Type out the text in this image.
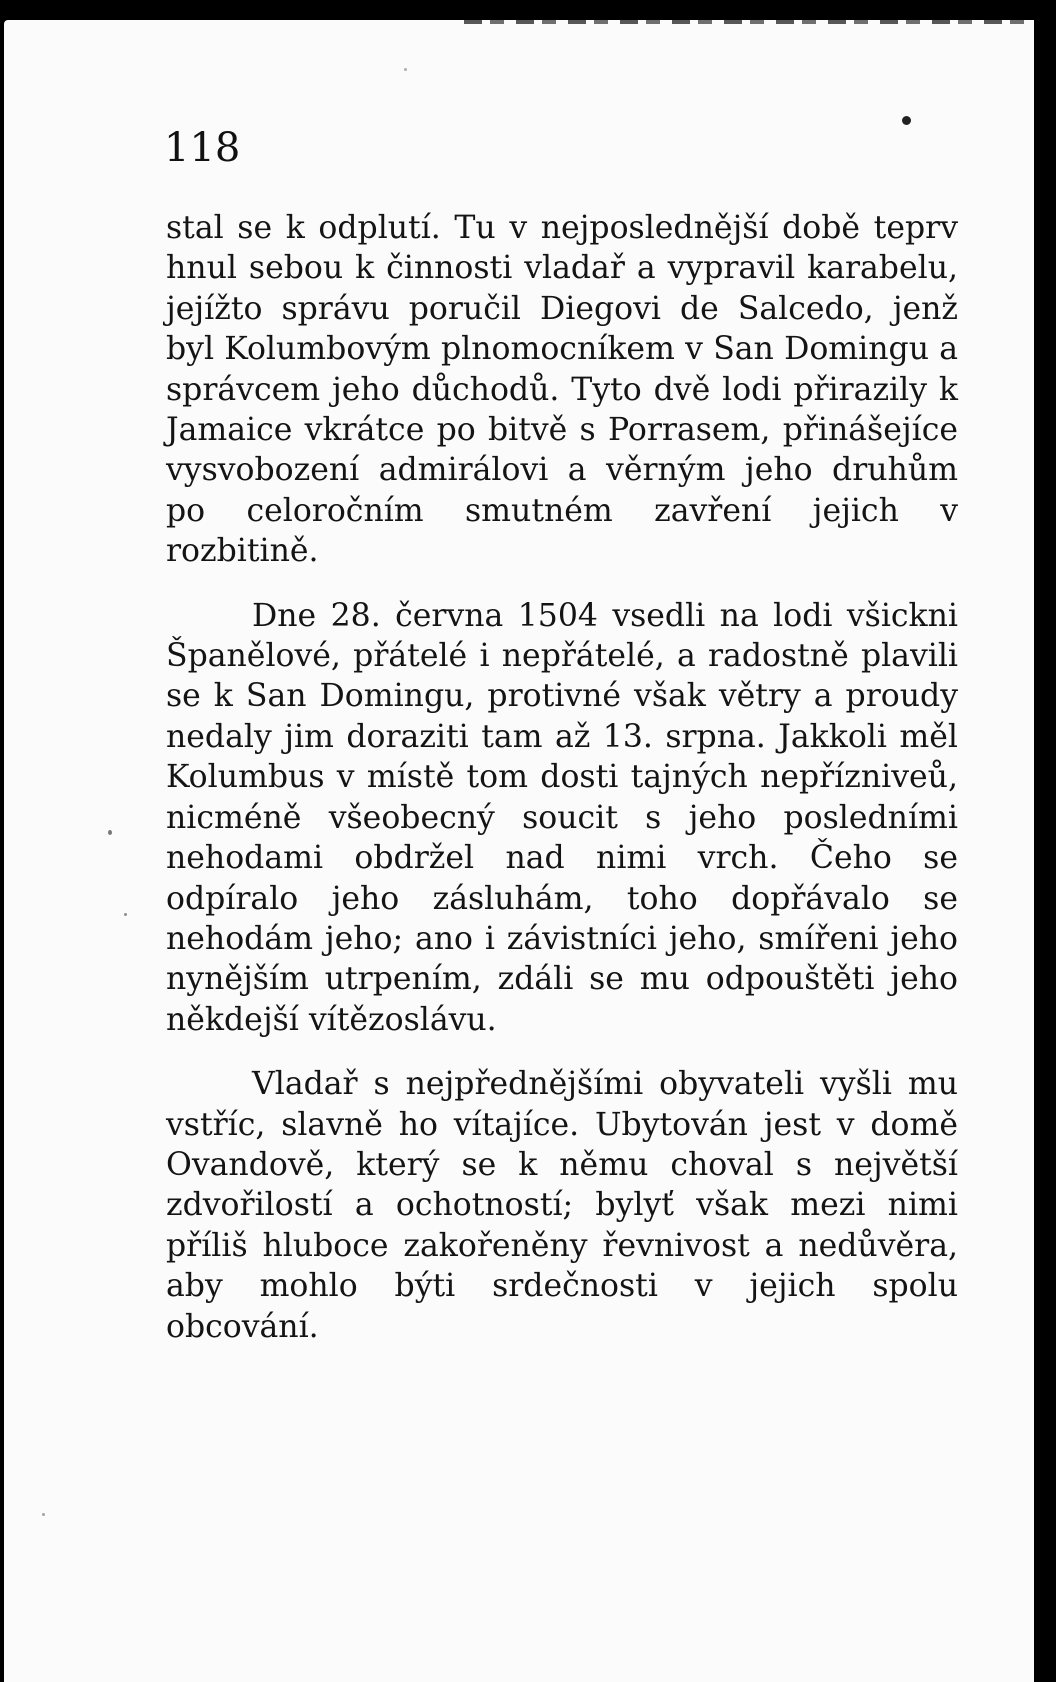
118

stal se k odplutí. Tu v nejposlednější době teprv hnul sebou k činnosti vladař a vypravil karabelu, jejížto správu poručil Diegovi de Salcedo, jenž byl Kolumbovým plnomocníkem v San Domingu a správcem jeho důchodů. Tyto dvě lodi přirazily k Jamaice vkrátce po bitvě s Porrasem, přinášejíce vysvobození admirálovi a věrným jeho druhům po celoročním smutném zavření jejich v rozbitině.

Dne 28. června 1504 vsedli na lodi všickni Španělové, přátelé i nepřátelé, a radostně plavili se k San Domingu, protivné však větry a proudy nedaly jim doraziti tam až 13. srpna. Jakkoli měl Kolumbus v místě tom dosti tajných nepřízniveů, nicméně všeobecný soucit s jeho posledními nehodami obdržel nad nimi vrch. Čeho se odpíralo jeho zásluhám, toho dopřávalo se nehodám jeho; ano i závistníci jeho, smířeni jeho nynějším utrpením, zdáli se mu odpouštěti jeho někdejší vítězoslávu.

Vladař s nejpřednějšími obyvateli vyšli mu vstříc, slavně ho vítajíce. Ubytován jest v domě Ovandově, který se k němu choval s největší zdvořilostí a ochotností; bylyť však mezi nimi příliš hluboce zakořeněny řevnivost a nedůvěra, aby mohlo býti srdečnosti v jejich spolu obcování.
